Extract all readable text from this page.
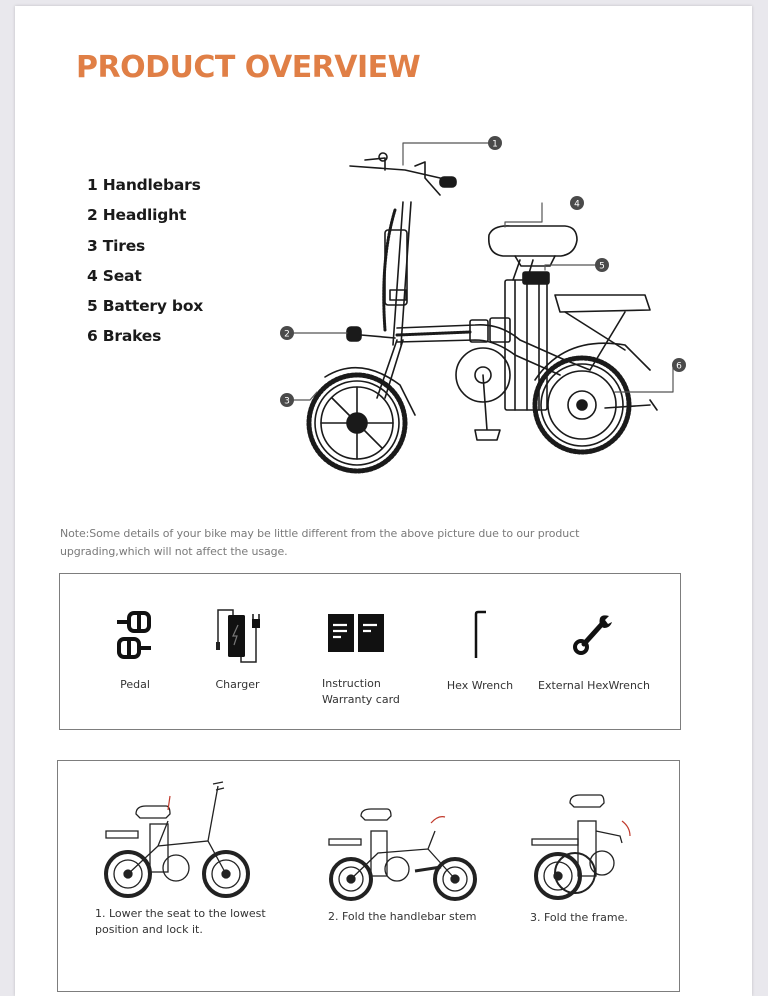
PRODUCT OVERVIEW
1 Handlebars
2 Headlight
3 Tires
4 Seat
5 Battery box
6 Brakes
1
4
5
2
3
6
Note:Some details of your bike may be little different from the above picture due to our product upgrading,which will not affect the usage.
Pedal	Charger	Instruction
Warranty card
Hex Wrench External HexWrench
1. Lower the seat to the lowest
position and lock it.
2. Fold the handlebar stem	3. Fold the frame.
